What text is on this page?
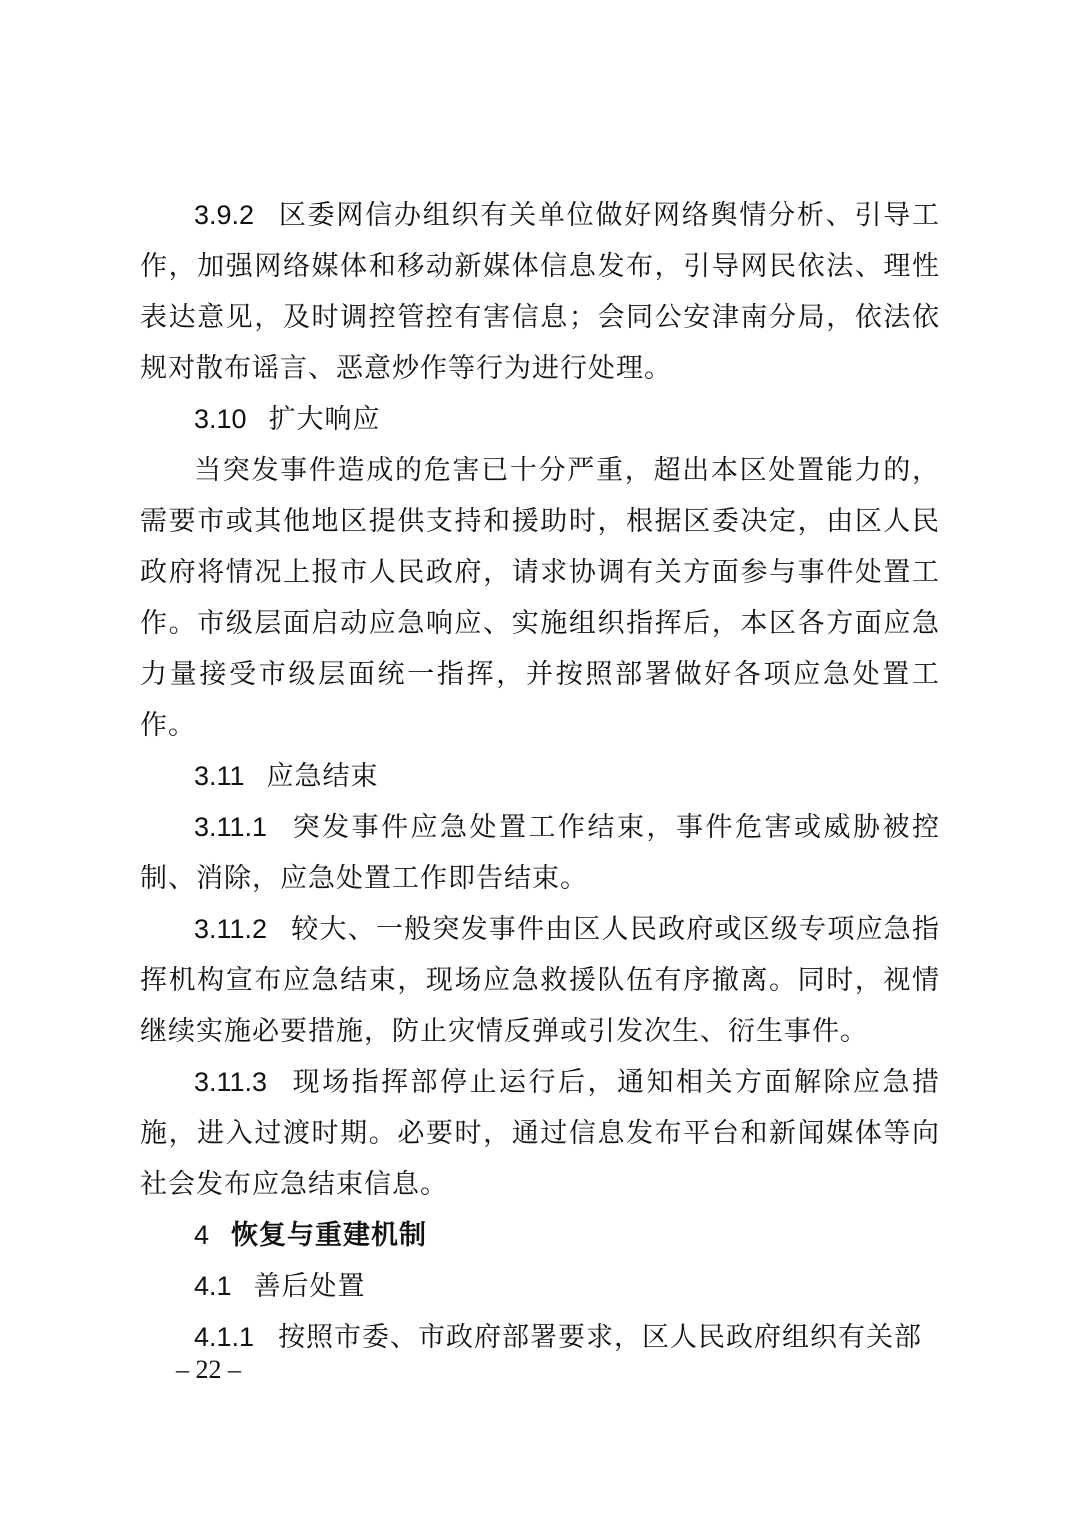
3.9.2 区委网信办组织有关单位做好网络舆情分析、引导工作，加强网络媒体和移动新媒体信息发布，引导网民依法、理性表达意见，及时调控管控有害信息；会同公安津南分局，依法依规对散布谣言、恶意炒作等行为进行处理。

3.10 扩大响应

当突发事件造成的危害已十分严重，超出本区处置能力的，需要市或其他地区提供支持和援助时，根据区委决定，由区人民政府将情况上报市人民政府，请求协调有关方面参与事件处置工作。市级层面启动应急响应、实施组织指挥后，本区各方面应急力量接受市级层面统一指挥，并按照部署做好各项应急处置工作。

3.11 应急结束

3.11.1 突发事件应急处置工作结束，事件危害或威胁被控制、消除，应急处置工作即告结束。

3.11.2 较大、一般突发事件由区人民政府或区级专项应急指挥机构宣布应急结束，现场应急救援队伍有序撤离。同时，视情继续实施必要措施，防止灾情反弹或引发次生、衍生事件。

3.11.3 现场指挥部停止运行后，通知相关方面解除应急措施，进入过渡时期。必要时，通过信息发布平台和新闻媒体等向社会发布应急结束信息。

4 恢复与重建机制

4.1 善后处置

4.1.1 按照市委、市政府部署要求，区人民政府组织有关部

– 22 –
